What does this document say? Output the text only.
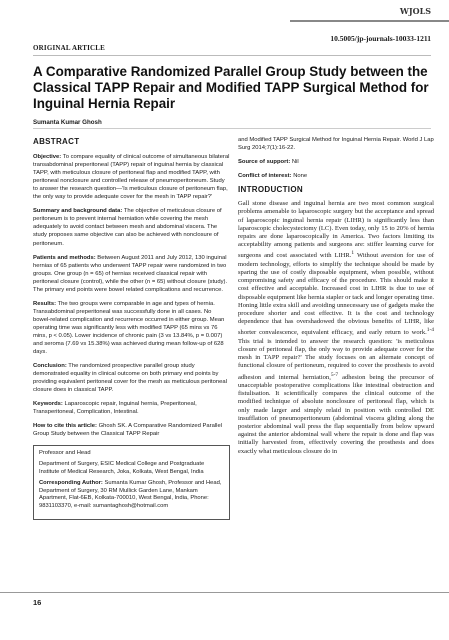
WJOLS
10.5005/jp-journals-10033-1211
ORIGINAL ARTICLE
A Comparative Randomized Parallel Group Study between the Classical TAPP Repair and Modified TAPP Surgical Method for Inguinal Hernia Repair
Sumanta Kumar Ghosh
ABSTRACT

Objective: To compare equality of clinical outcome of simultaneous bilateral transabdominal preperitoneal (TAPP) repair of inguinal hernia by classical TAPP, with meticulous closure of peritoneal flap and modified TAPP, with peritoneal nonclosure and controlled release of pneumoperitoneum. Study to answer the research question—'Is meticulous closure of peritoneum flap, the only way to provide adequate cover for the mesh in TAPP repair?'

Summary and background data: The objective of meticulous closure of peritoneum is to prevent internal herniation while covering the mesh adequately to avoid contact between mesh and abdominal viscera. The study proposes same objective can also be achieved with nonclosure of peritoneum.

Patients and methods: Between August 2011 and July 2012, 130 inguinal hernias of 65 patients who underwent TAPP repair were randomized in two groups. One group (n = 65) of hernias received classical repair with peritoneal closure (control), while the other (n = 65) without closure (study). The primary end points were bowel related complications and recurrence.

Results: The two groups were comparable in age and types of hernia. Transabdominal preperitoneal was successfully done in all cases. No bowel-related complication and recurrence occurred in either group. Mean operating time was significantly less with modified TAPP (65 mins vs 76 mins, p < 0.05). Lower incidence of chronic pain (3 vs 13.84%, p = 0.007) and seroma (7.69 vs 15.38%) was achieved during mean follow-up of 628 days.

Conclusion: The randomized prospective parallel group study demonstrated equality in clinical outcome on both primary end points by providing equivalent peritoneal cover for the mesh as meticulous peritoneal closure does in classical TAPP.

Keywords: Laparoscopic repair, Inguinal hernia, Preperitoneal, Transperitoneal, Complication, Intestinal.

How to cite this article: Ghosh SK. A Comparative Randomized Parallel Group Study between the Classical TAPP Repair

Professor and Head

Department of Surgery, ESIC Medical College and Postgraduate Institute of Medical Research, Joka, Kolkata, West Bengal, India

Corresponding Author: Sumanta Kumar Ghosh, Professor and Head, Department of Surgery, 30 RM Mullick Garden Lane, Mankam Apartment, Flat-6EB, Kolkata-700010, West Bengal, India, Phone: 9831103370, e-mail: sumantaghosh@hotmail.com

and Modified TAPP Surgical Method for Inguinal Hernia Repair. World J Lap Surg 2014;7(1):16-22.

Source of support: Nil

Conflict of interest: None

INTRODUCTION

Gall stone disease and inguinal hernia are two most common surgical problems amenable to laparoscopic surgery but the acceptance and spread of laparoscopic inguinal hernia repair (LIHR) is significantly less than laparoscopic cholecystectomy (LC). Even today, only 15 to 20% of hernia repairs are done laparoscopically in America. Two factors limiting its acceptability among patients and surgeons are: stiffer learning curve for surgeons and cost associated with LIHR.$^1$ Without aversion for use of modern technology, efforts to simplify the technique should be made by sparing the use of costly disposable equipment, when possible, without compromising safety and efficacy of the procedure. This should make it cost effective and acceptable. Increased cost in LIHR is due to use of disposable equipment like hernia stapler or tack and longer operating time. Honing little extra skill and avoiding unnecessary use of gadgets make the procedure shorter and cost effective. It is the cost and technology dependence that has overshadowed the obvious benefits of LIHR, like shorter convalescence, equivalent efficacy, and early return to work.$^{1-4}$ This trial is intended to answer the research question: 'is meticulous closure of peritoneal flap, the only way to provide adequate cover for the mesh in TAPP repair?' The study focuses on an alternate concept of functional closure of peritoneum, required to cover the prosthesis to avoid adhesion and internal herniation,$^{5-7}$ adhesion being the precursor of unacceptable postoperative complications like intestinal obstruction and fistulisation. It scientifically compares the clinical outcome of the modified technique of absolute nonclosure of peritoneal flap, which is only made larger and simply relaid in position with controlled DE insufflation of pneumoperitoneum (abdominal viscera gliding along the posterior abdominal wall press the flap sequentially from below upward against the anterior abdominal wall where the repair is done and flap was initially harvested from, effectively covering the prosthesis and does exactly what meticulous closure do in

16
